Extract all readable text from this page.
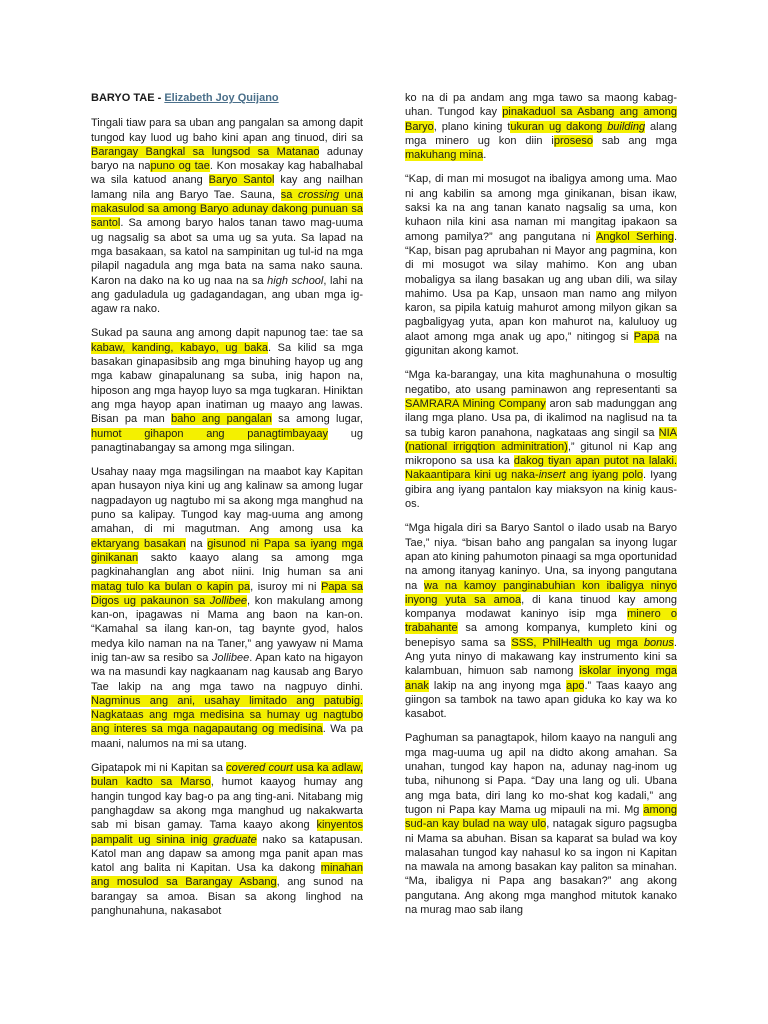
BARYO TAE - Elizabeth Joy Quijano

Tingali tiaw para sa uban ang pangalan sa among dapit tungod kay luod ug baho kini apan ang tinuod, diri sa Barangay Bangkal sa lungsod sa Matanao adunay baryo na napuno og tae. Kon mosakay kag habalhabal wa sila katuod anang Baryo Santol kay ang nailhan lamang nila ang Baryo Tae. Sauna, sa crossing una makasulod sa among Baryo adunay dakong punuan sa santol. Sa among baryo halos tanan tawo mag-uuma ug nagsalig sa abot sa uma ug sa yuta. Sa lapad na mga basakaan, sa katol na sampinitan ug tul-id na mga pilapil nagadula ang mga bata na sama nako sauna. Karon na dako na ko ug naa na sa high school, lahi na ang gaduladula ug gadagandagan, ang uban mga ig-agaw ra nako.

Sukad pa sauna ang among dapit napunog tae: tae sa kabaw, kanding, kabayo, ug baka. Sa kilid sa mga basakan ginapasibsib ang mga binuhing hayop ug ang mga kabaw ginapalunang sa suba, inig hapon na, hiposon ang mga hayop luyo sa mga tugkaran. Hiniktan ang mga hayop apan inatiman ug maayo ang lawas. Bisan pa man baho ang pangalan sa among lugar, humot gihapon ang panagtimbayaay ug panagtinabangay sa among mga silingan.

Usahay naay mga magsilingan na maabot kay Kapitan apan husayon niya kini ug ang kalinaw sa among lugar nagpadayon ug nagtubo mi sa akong mga manghud na puno sa kalipay. Tungod kay mag-uuma ang among amahan, di mi magutman. Ang among usa ka ektaryang basakan na gisunod ni Papa sa iyang mga ginikanan sakto kaayo alang sa among mga pagkinahanglan ang abot niini. Inig human sa ani matag tulo ka bulan o kapin pa, isuroy mi ni Papa sa Digos ug pakaunon sa Jollibee, kon makulang among kan-on, ipagawas ni Mama ang baon na kan-on. “Kamahal sa ilang kan-on, tag baynte gyod, halos medya kilo naman na na Taner,” ang yawyaw ni Mama inig tan-aw sa resibo sa Jollibee. Apan kato na higayon wa na masundi kay nagkaanam nag kausab ang Baryo Tae lakip na ang mga tawo na nagpuyo dinhi. Nagminus ang ani, usahay limitado ang patubig. Nagkataas ang mga medisina sa humay ug nagtubo ang interes sa mga nagapautang og medisina. Wa pa maani, nalumos na mi sa utang.

Gipatapok mi ni Kapitan sa covered court usa ka adlaw, bulan kadto sa Marso, humot kaayog humay ang hangin tungod kay bag-o pa ang ting-ani. Nitabang mig panghagdaw sa akong mga manghud ug nakakwarta sab mi bisan gamay. Tama kaayo akong kinyentos pampalit ug sinina inig graduate nako sa katapusan. Katol man ang dapaw sa among mga panit apan mas katol ang balita ni Kapitan. Usa ka dakong minahan ang mosulod sa Barangay Asbang, ang sunod na barangay sa amoa. Bisan sa akong linghod na panghunahuna, nakasabot

ko na di pa andam ang mga tawo sa maong kabag-uhan. Tungod kay pinakaduol sa Asbang ang among Baryo, plano kining tukuran ug dakong building alang mga minero ug kon diin iproseso sab ang mga makuhang mina.

“Kap, di man mi mosugot na ibaligya among uma. Mao ni ang kabilin sa among mga ginikanan, bisan ikaw, saksi ka na ang tanan kanato nagsalig sa uma, kon kuhaon nila kini asa naman mi mangitag ipakaon sa among pamilya?” ang pangutana ni Angkol Serhing. “Kap, bisan pag aprubahan ni Mayor ang pagmina, kon di mi mosugot wa silay mahimo. Kon ang uban mobaligya sa ilang basakan ug ang uban dili, wa silay mahimo. Usa pa Kap, unsaon man namo ang milyon karon, sa pipila katuig mahurot among milyon gikan sa pagbaligyag yuta, apan kon mahurot na, kaluluoy ug alaot among mga anak ug apo,” nitingog si Papa na gigunitan akong kamot.

“Mga ka-barangay, una kita maghunahuna o mosultig negatibo, ato usang paminawon ang representanti sa SAMRARA Mining Company aron sab madunggan ang ilang mga plano. Usa pa, di ikalimod na naglisud na ta sa tubig karon panahona, nagkataas ang singil sa NIA (national irrigqtion adminitration),” gitunol ni Kap ang mikropono sa usa ka dakog tiyan apan putot na lalaki. Nakaantipara kini ug naka-insert ang iyang polo. Iyang gibira ang iyang pantalon kay miaksyon na kinig kaus-os.

“Mga higala diri sa Baryo Santol o ilado usab na Baryo Tae,” niya. “bisan baho ang pangalan sa inyong lugar apan ato kining pahumoton pinaagi sa mga oportunidad na among itanyag kaninyo. Una, sa inyong pangutana na wa na kamoy panginabuhian kon ibaligya ninyo inyong yuta sa amoa, di kana tinuod kay among kompanya modawat kaninyo isip mga minero o trabahante sa among kompanya, kumpleto kini og benepisyo sama sa SSS, PhilHealth ug mga bonus. Ang yuta ninyo di makawang kay instrumento kini sa kalambuan, himuon sab namong iskolar inyong mga anak lakip na ang inyong mga apo.” Taas kaayo ang giingon sa tambok na tawo apan giduka ko kay wa ko kasabot.

Paghuman sa panagtapok, hilom kaayo na nanguli ang mga mag-uuma ug apil na didto akong amahan. Sa unahan, tungod kay hapon na, adunay nag-inom ug tuba, nihunong si Papa. “Day una lang og uli. Ubana ang mga bata, diri lang ko mo-shat kog kadali,” ang tugon ni Papa kay Mama ug mipauli na mi. Mg among sud-an kay bulad na way ulo, natagak siguro pagsugba ni Mama sa abuhan. Bisan sa kaparat sa bulad wa koy malasahan tungod kay nahasul ko sa ingon ni Kapitan na mawala na among basakan kay paliton sa minahan. “Ma, ibaligya ni Papa ang basakan?” ang akong pangutana. Ang akong mga manghod mitutok kanako na murag mao sab ilang
